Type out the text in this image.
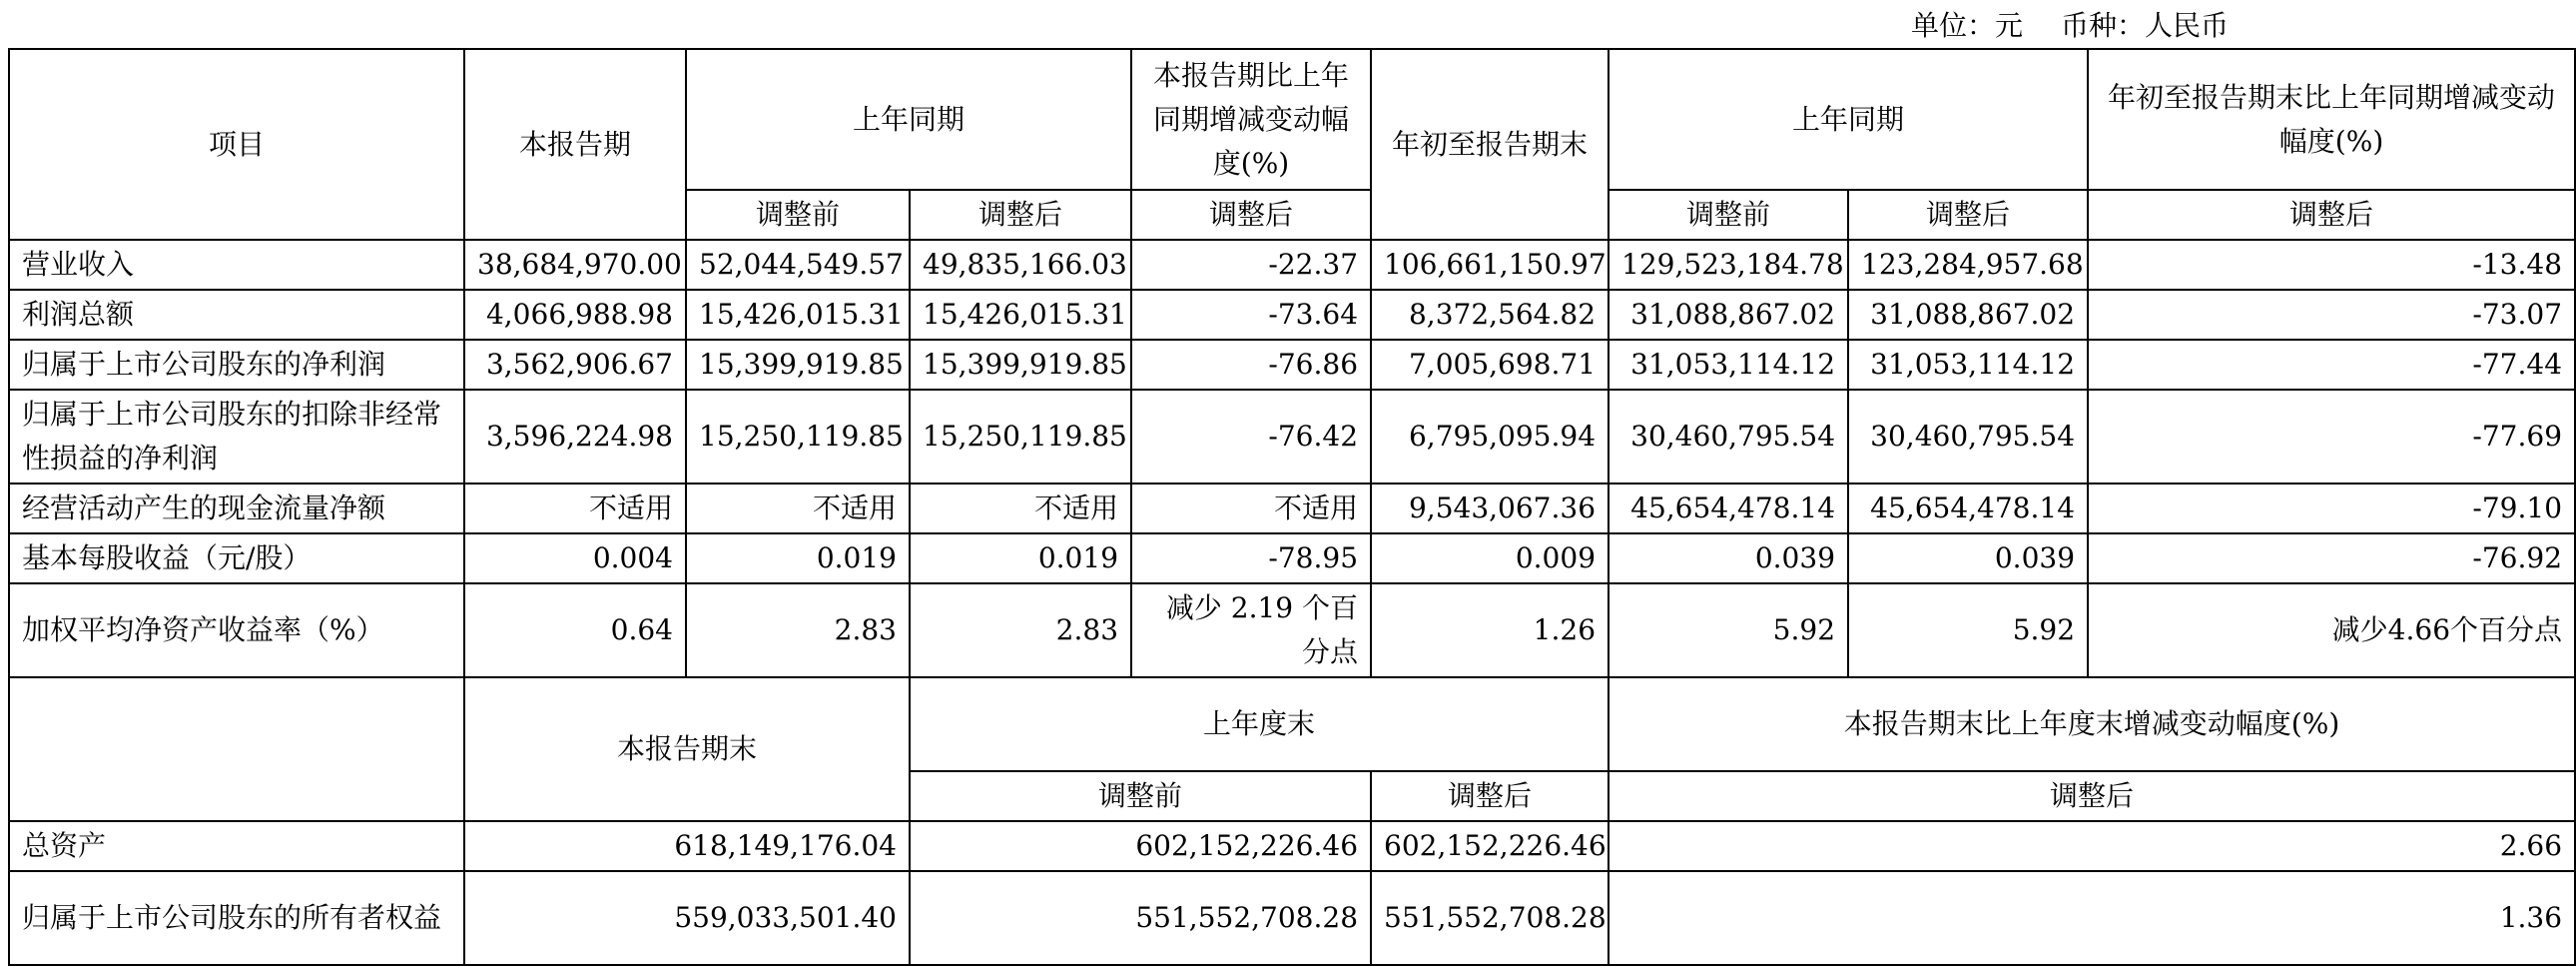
单位：元 币种：人民币
项目	本报告期	上年同期		本报告期比上年同期增减变动幅度(%)	年初至报告期末	上年同期		年初至报告期末比上年同期增减变动幅度(%)
		调整前	调整后	调整后		调整前	调整后	调整后
营业收入	38,684,970.00	52,044,549.57	49,835,166.03	-22.37	106,661,150.97	129,523,184.78	123,284,957.68	-13.48
利润总额	4,066,988.98	15,426,015.31	15,426,015.31	-73.64	8,372,564.82	31,088,867.02	31,088,867.02	-73.07
归属于上市公司股东的净利润	3,562,906.67	15,399,919.85	15,399,919.85	-76.86	7,005,698.71	31,053,114.12	31,053,114.12	-77.44
归属于上市公司股东的扣除非经常性损益的净利润	3,596,224.98	15,250,119.85	15,250,119.85	-76.42	6,795,095.94	30,460,795.54	30,460,795.54	-77.69
经营活动产生的现金流量净额	不适用	不适用	不适用	不适用	9,543,067.36	45,654,478.14	45,654,478.14	-79.10
基本每股收益（元/股）	0.004	0.019	0.019	-78.95	0.009	0.039	0.039	-76.92
加权平均净资产收益率（%）	0.64	2.83	2.83	减少 2.19 个百分点	1.26	5.92	5.92	减少4.66个百分点
	本报告期末		上年度末			本报告期末比上年度末增减变动幅度(%)		
			调整前		调整后	调整后		
总资产	618,149,176.04		602,152,226.46		602,152,226.46	2.66		
归属于上市公司股东的所有者权益	559,033,501.40		551,552,708.28		551,552,708.28	1.36		
